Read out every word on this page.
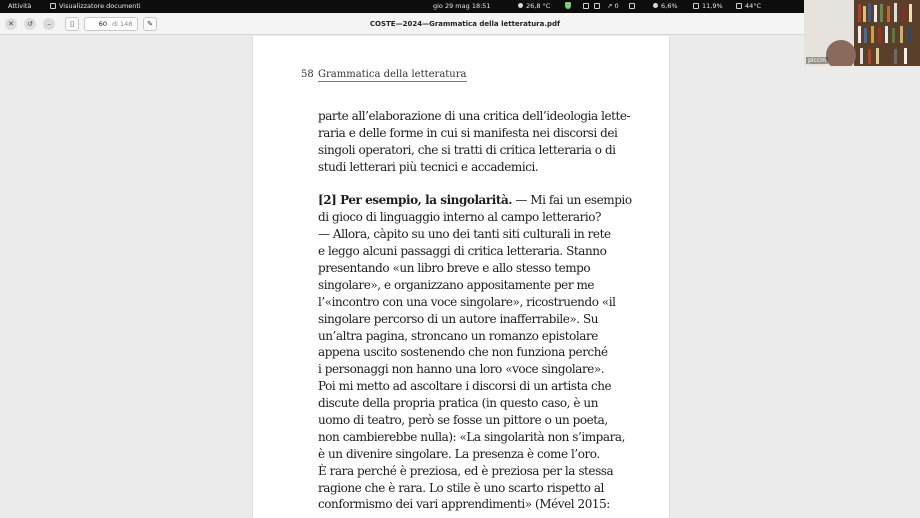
Attività	Visualizzatore documenti	gio 29 mag 18:51	26,8 °C
	↗ 0	6,6%	11,9%	44°C
✕	↺	–	▯	60 di 148	✎	COSTE—2024—Grammatica della letteratura.pdf
58 Grammatica della letteratura
parte all’elaborazione di una critica dell’ideologia lette-
raria e delle forme in cui si manifesta nei discorsi dei
singoli operatori, che si tratti di critica letteraria o di
studi letterari più tecnici e accademici.
[2] Per esempio, la singolarità. — Mi fai un esempio
di gioco di linguaggio interno al campo letterario?
— Allora, càpito su uno dei tanti siti culturali in rete
e leggo alcuni passaggi di critica letteraria. Stanno
presentando «un libro breve e allo stesso tempo
singolare», e organizzano appositamente per me
l’«incontro con una voce singolare», ricostruendo «il
singolare percorso di un autore inafferrabile». Su
un’altra pagina, stroncano un romanzo epistolare
appena uscito sostenendo che non funziona perché
i personaggi non hanno una loro «voce singolare».
Poi mi metto ad ascoltare i discorsi di un artista che
discute della propria pratica (in questo caso, è un
uomo di teatro, però se fosse un pittore o un poeta,
non cambierebbe nulla): «La singolarità non s’impara,
è un divenire singolare. La presenza è come l’oro.
È rara perché è preziosa, ed è preziosa per la stessa
ragione che è rara. Lo stile è uno scarto rispetto al
conformismo dei vari apprendimenti» (Mével 2015:
piccm
